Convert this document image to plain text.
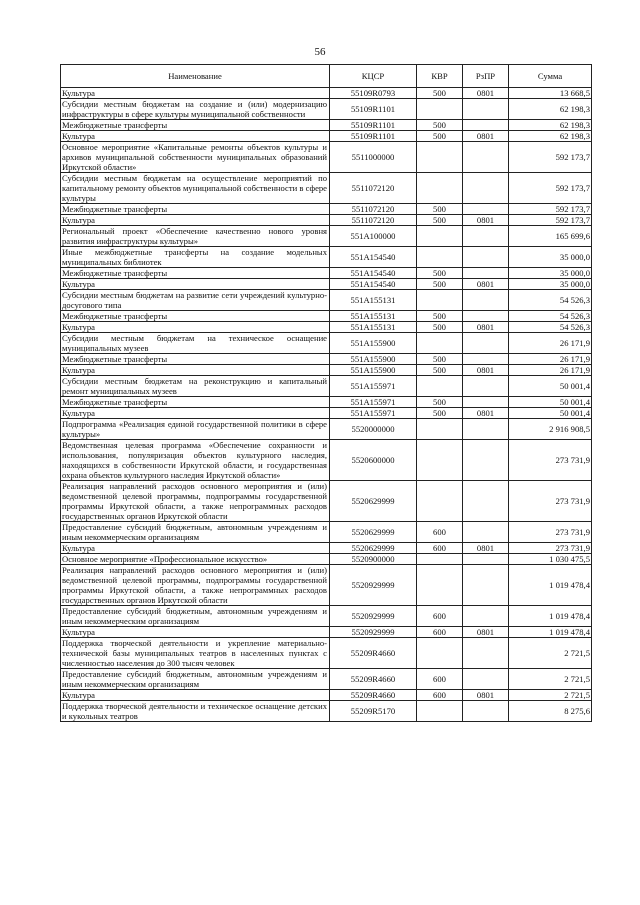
56
Наименование	КЦСР	КВР	РзПР	Сумма
Культура	55109R0793	500	0801	13 668,5
Субсидии местным бюджетам на создание и (или) модернизацию инфраструктуры в сфере культуры муниципальной собственности	55109R1101			62 198,3
Межбюджетные трансферты	55109R1101	500		62 198,3
Культура	55109R1101	500	0801	62 198,3
Основное мероприятие «Капитальные ремонты объектов культуры и архивов муниципальной собственности муниципальных образований Иркутской области»	5511000000			592 173,7
Субсидии местным бюджетам на осуществление мероприятий по капитальному ремонту объектов муниципальной собственности в сфере культуры	5511072120			592 173,7
Межбюджетные трансферты	5511072120	500		592 173,7
Культура	5511072120	500	0801	592 173,7
Региональный проект «Обеспечение качественно нового уровня развития инфраструктуры культуры»	551A100000			165 699,6
Иные межбюджетные трансферты на создание модельных муниципальных библиотек	551A154540			35 000,0
Межбюджетные трансферты	551A154540	500		35 000,0
Культура	551A154540	500	0801	35 000,0
Субсидии местным бюджетам на развитие сети учреждений культурно-досугового типа	551A155131			54 526,3
Межбюджетные трансферты	551A155131	500		54 526,3
Культура	551A155131	500	0801	54 526,3
Субсидии местным бюджетам на техническое оснащение муниципальных музеев	551A155900			26 171,9
Межбюджетные трансферты	551A155900	500		26 171,9
Культура	551A155900	500	0801	26 171,9
Субсидии местным бюджетам на реконструкцию и капитальный ремонт муниципальных музеев	551A155971			50 001,4
Межбюджетные трансферты	551A155971	500		50 001,4
Культура	551A155971	500	0801	50 001,4
Подпрограмма «Реализация единой государственной политики в сфере культуры»	5520000000			2 916 908,5
Ведомственная целевая программа «Обеспечение сохранности и использования, популяризация объектов культурного наследия, находящихся в собственности Иркутской области, и государственная охрана объектов культурного наследия Иркутской области»	5520600000			273 731,9
Реализация направлений расходов основного мероприятия и (или) ведомственной целевой программы, подпрограммы государственной программы Иркутской области, а также непрограммных расходов государственных органов Иркутской области	5520629999			273 731,9
Предоставление субсидий бюджетным, автономным учреждениям и иным некоммерческим организациям	5520629999	600		273 731,9
Культура	5520629999	600	0801	273 731,9
Основное мероприятие «Профессиональное искусство»	5520900000			1 030 475,5
Реализация направлений расходов основного мероприятия и (или) ведомственной целевой программы, подпрограммы государственной программы Иркутской области, а также непрограммных расходов государственных органов Иркутской области	5520929999			1 019 478,4
Предоставление субсидий бюджетным, автономным учреждениям и иным некоммерческим организациям	5520929999	600		1 019 478,4
Культура	5520929999	600	0801	1 019 478,4
Поддержка творческой деятельности и укрепление материально-технической базы муниципальных театров в населенных пунктах с численностью населения до 300 тысяч человек	55209R4660			2 721,5
Предоставление субсидий бюджетным, автономным учреждениям и иным некоммерческим организациям	55209R4660	600		2 721,5
Культура	55209R4660	600	0801	2 721,5
Поддержка творческой деятельности и техническое оснащение детских и кукольных театров	55209R5170			8 275,6
